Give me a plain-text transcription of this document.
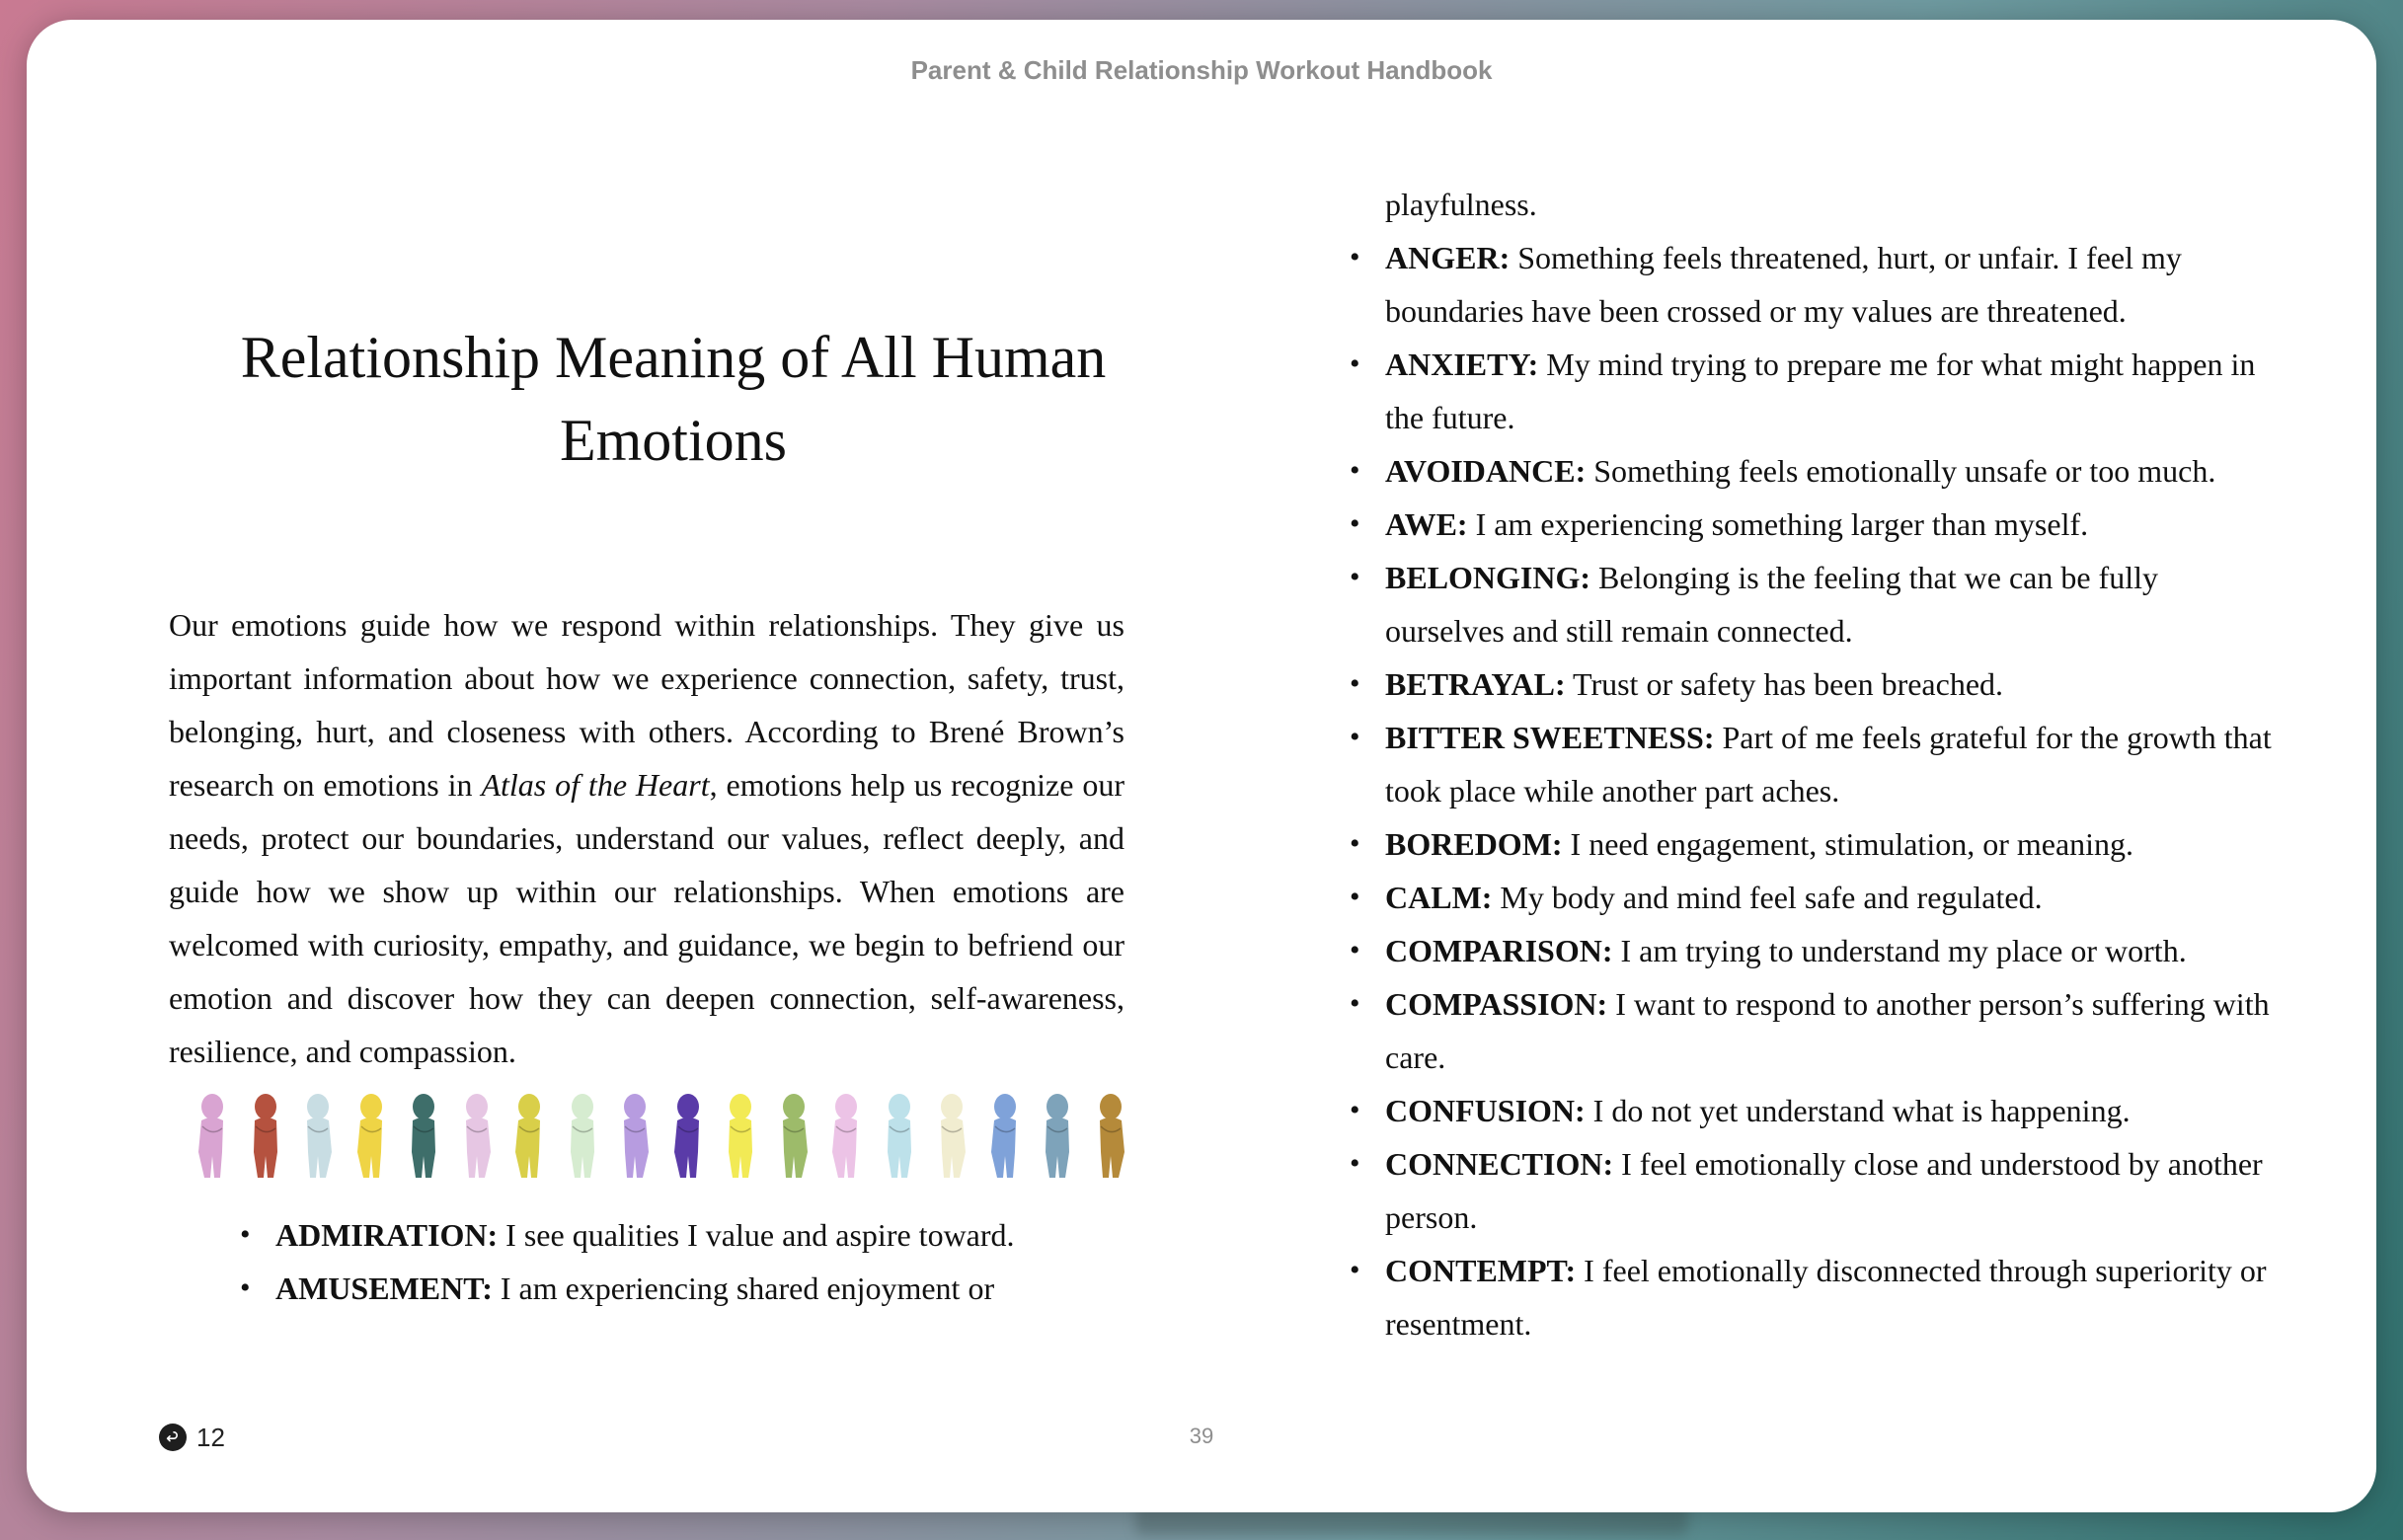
Parent & Child Relationship Workout Handbook
Relationship Meaning of All Human Emotions

Our emotions guide how we respond within relationships. They give us important information about how we experience connection, safety, trust, belonging, hurt, and closeness with others. According to Brené Brown’s research on emotions in Atlas of the Heart, emotions help us recognize our needs, protect our boundaries, understand our values, reflect deeply, and guide how we show up within our relationships. When emotions are welcomed with curiosity, empathy, and guidance, we begin to befriend our emotion and discover how they can deepen connection, self-awareness, resilience, and compassion.

• ADMIRATION: I see qualities I value and aspire toward.
• AMUSEMENT: I am experiencing shared enjoyment or
playfulness.
• ANGER: Something feels threatened, hurt, or unfair. I feel my boundaries have been crossed or my values are threatened.
• ANXIETY: My mind trying to prepare me for what might happen in the future.
• AVOIDANCE: Something feels emotionally unsafe or too much.
• AWE: I am experiencing something larger than myself.
• BELONGING: Belonging is the feeling that we can be fully ourselves and still remain connected.
• BETRAYAL: Trust or safety has been breached.
• BITTER SWEETNESS: Part of me feels grateful for the growth that took place while another part aches.
• BOREDOM: I need engagement, stimulation, or meaning.
• CALM: My body and mind feel safe and regulated.
• COMPARISON: I am trying to understand my place or worth.
• COMPASSION: I want to respond to another person’s suffering with care.
• CONFUSION: I do not yet understand what is happening.
• CONNECTION: I feel emotionally close and understood by another person.
• CONTEMPT: I feel emotionally disconnected through superiority or resentment.
39
12
